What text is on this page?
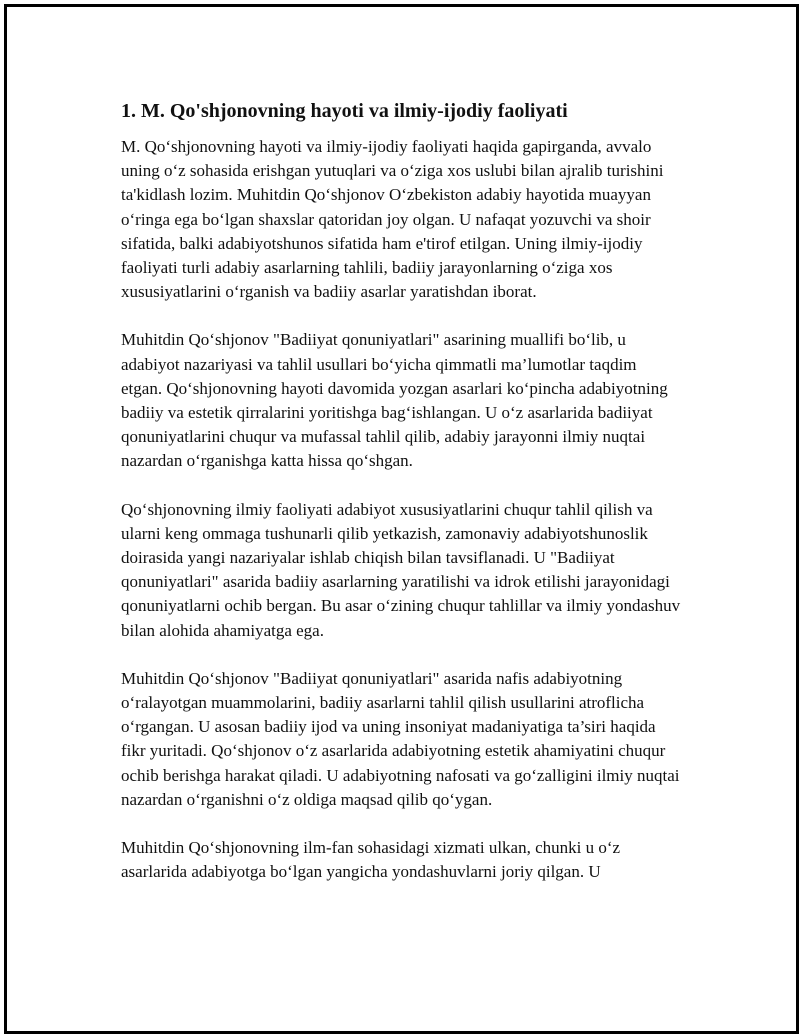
1. M. Qo'shjonovning hayoti va ilmiy-ijodiy faoliyati

M. Qo‘shjonovning hayoti va ilmiy-ijodiy faoliyati haqida gapirganda, avvalo uning o‘z sohasida erishgan yutuqlari va o‘ziga xos uslubi bilan ajralib turishini ta'kidlash lozim. Muhitdin Qo‘shjonov O‘zbekiston adabiy hayotida muayyan o‘ringa ega bo‘lgan shaxslar qatoridan joy olgan. U nafaqat yozuvchi va shoir sifatida, balki adabiyotshunos sifatida ham e'tirof etilgan. Uning ilmiy-ijodiy faoliyati turli adabiy asarlarning tahlili, badiiy jarayonlarning o‘ziga xos xususiyatlarini o‘rganish va badiiy asarlar yaratishdan iborat.

Muhitdin Qo‘shjonov "Badiiyat qonuniyatlari" asarining muallifi bo‘lib, u adabiyot nazariyasi va tahlil usullari bo‘yicha qimmatli ma’lumotlar taqdim etgan. Qo‘shjonovning hayoti davomida yozgan asarlari ko‘pincha adabiyotning badiiy va estetik qirralarini yoritishga bag‘ishlangan. U o‘z asarlarida badiiyat qonuniyatlarini chuqur va mufassal tahlil qilib, adabiy jarayonni ilmiy nuqtai nazardan o‘rganishga katta hissa qo‘shgan.

Qo‘shjonovning ilmiy faoliyati adabiyot xususiyatlarini chuqur tahlil qilish va ularni keng ommaga tushunarli qilib yetkazish, zamonaviy adabiyotshunoslik doirasida yangi nazariyalar ishlab chiqish bilan tavsiflanadi. U "Badiiyat qonuniyatlari" asarida badiiy asarlarning yaratilishi va idrok etilishi jarayonidagi qonuniyatlarni ochib bergan. Bu asar o‘zining chuqur tahlillar va ilmiy yondashuv bilan alohida ahamiyatga ega.

Muhitdin Qo‘shjonov "Badiiyat qonuniyatlari" asarida nafis adabiyotning o‘ralayotgan muammolarini, badiiy asarlarni tahlil qilish usullarini atroflicha o‘rgangan. U asosan badiiy ijod va uning insoniyat madaniyatiga ta’siri haqida fikr yuritadi. Qo‘shjonov o‘z asarlarida adabiyotning estetik ahamiyatini chuqur ochib berishga harakat qiladi. U adabiyotning nafosati va go‘zalligini ilmiy nuqtai nazardan o‘rganishni o‘z oldiga maqsad qilib qo‘ygan.

Muhitdin Qo‘shjonovning ilm-fan sohasidagi xizmati ulkan, chunki u o‘z asarlarida adabiyotga bo‘lgan yangicha yondashuvlarni joriy qilgan. U
